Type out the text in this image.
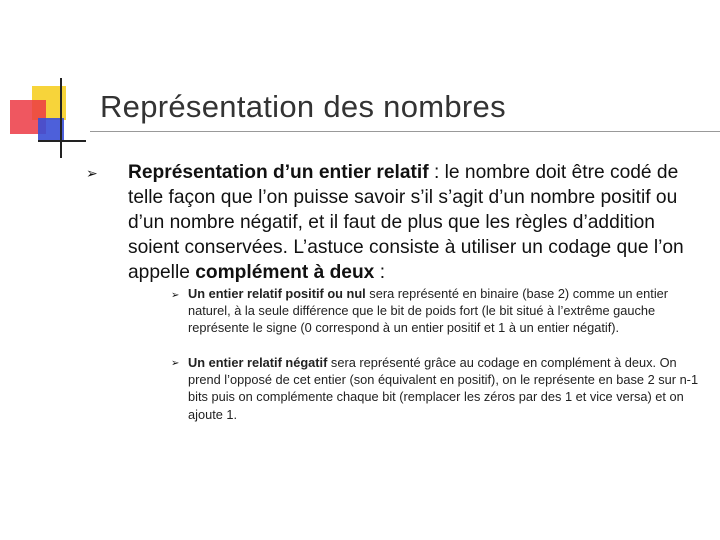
Représentation des nombres
➢ Représentation d’un entier relatif : le nombre doit être codé de telle façon que l’on puisse savoir s’il s’agit d’un nombre positif ou d’un nombre négatif, et il faut de plus que les règles d’addition soient conservées. L’astuce consiste à utiliser un codage que l’on appelle complément à deux :

➢ Un entier relatif positif ou nul sera représenté en binaire (base 2) comme un entier naturel, à la seule différence que le bit de poids fort (le bit situé à l’extrême gauche représente le signe (0 correspond à un entier positif et 1 à un entier négatif).

➢ Un entier relatif négatif sera représenté grâce au codage en complément à deux. On prend l’opposé de cet entier (son équivalent en positif), on le représente en base 2 sur n-1 bits puis on complémente chaque bit (remplacer les zéros par des 1 et vice versa) et on ajoute 1.
